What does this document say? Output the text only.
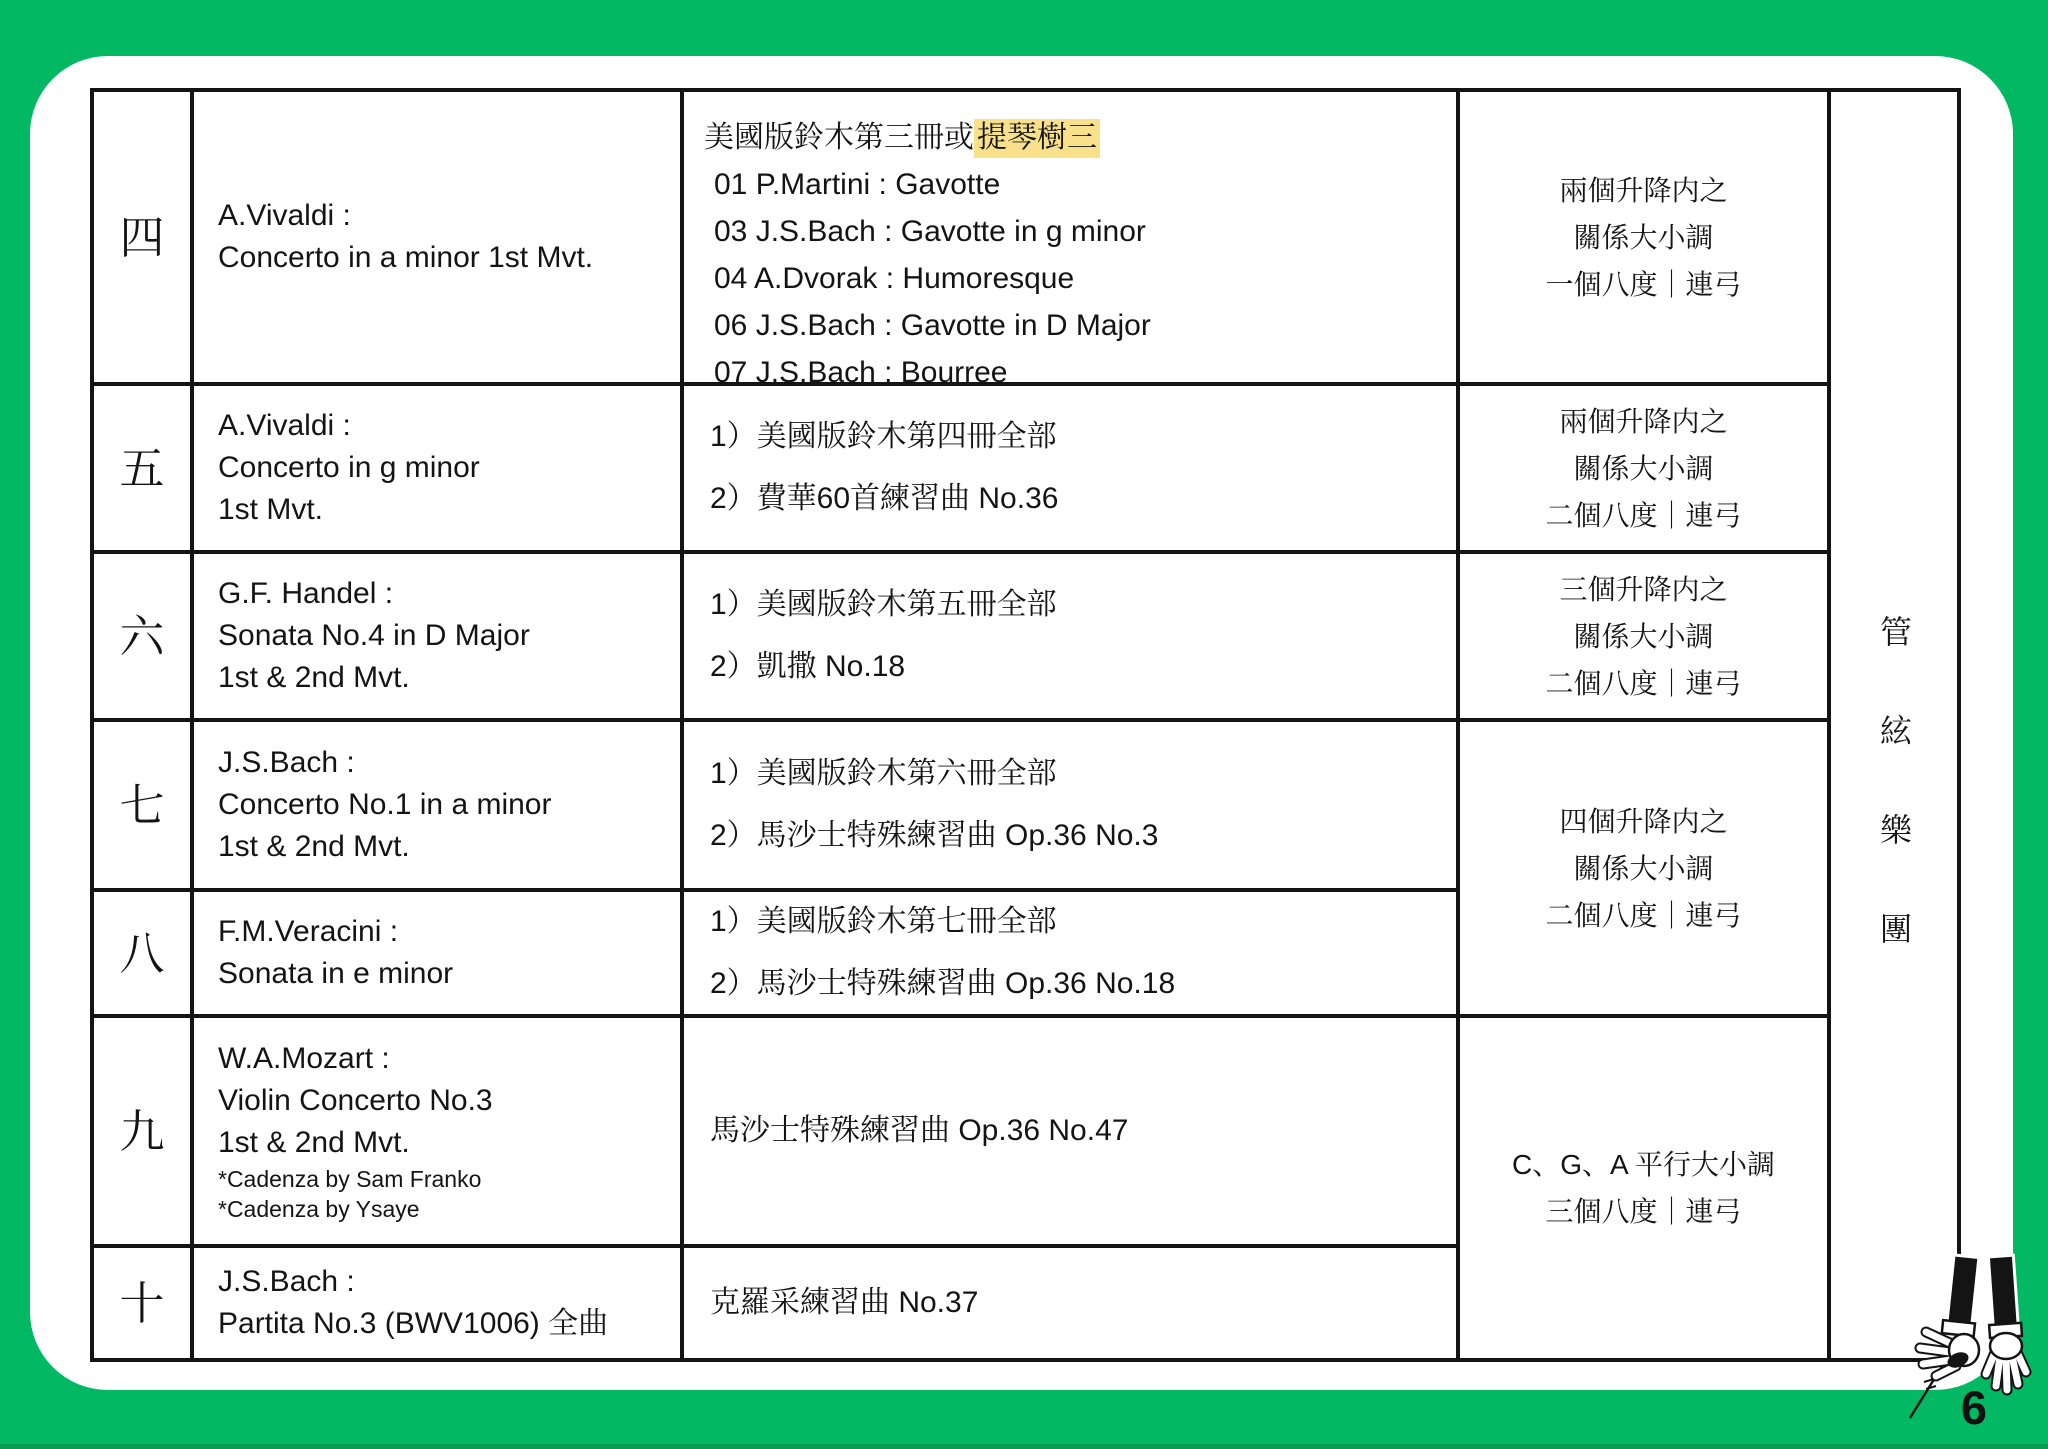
四 A.Vivaldi :
Concerto in a minor 1st Mvt.
美國版鈴木第三冊或 提琴樹三
01 P.Martini : Gavotte
03 J.S.Bach : Gavotte in g minor
04 A.Dvorak : Humoresque
06 J.S.Bach : Gavotte in D Major
07 J.S.Bach : Bourree
兩個升降内之
關係大小調
一個八度｜連弓
管絃樂團
五
A.Vivaldi :
Concerto in g minor
1st Mvt.
1）美國版鈴木第四冊全部
2）費華60首練習曲 No.36
兩個升降内之
關係大小調
二個八度｜連弓
六
G.F. Handel :
Sonata No.4 in D Major
1st & 2nd Mvt.
1）美國版鈴木第五冊全部
2）凱撒 No.18
三個升降内之
關係大小調
二個八度｜連弓
七
J.S.Bach :
Concerto No.1 in a minor
1st & 2nd Mvt.
1）美國版鈴木第六冊全部
2）馬沙士特殊練習曲 Op.36 No.3	四個升降内之
關係大小調
二個八度｜連弓
八 F.M.Veracini :
Sonata in e minor
1）美國版鈴木第七冊全部
2）馬沙士特殊練習曲 Op.36 No.18
九
W.A.Mozart :
Violin Concerto No.3
1st & 2nd Mvt.
*Cadenza by Sam Franko
*Cadenza by Ysaye
馬沙士特殊練習曲 Op.36 No.47
C、G、A 平行大小調
三個八度｜連弓
十 J.S.Bach :
Partita No.3 (BWV1006) 全曲
克羅采練習曲 No.37
6
